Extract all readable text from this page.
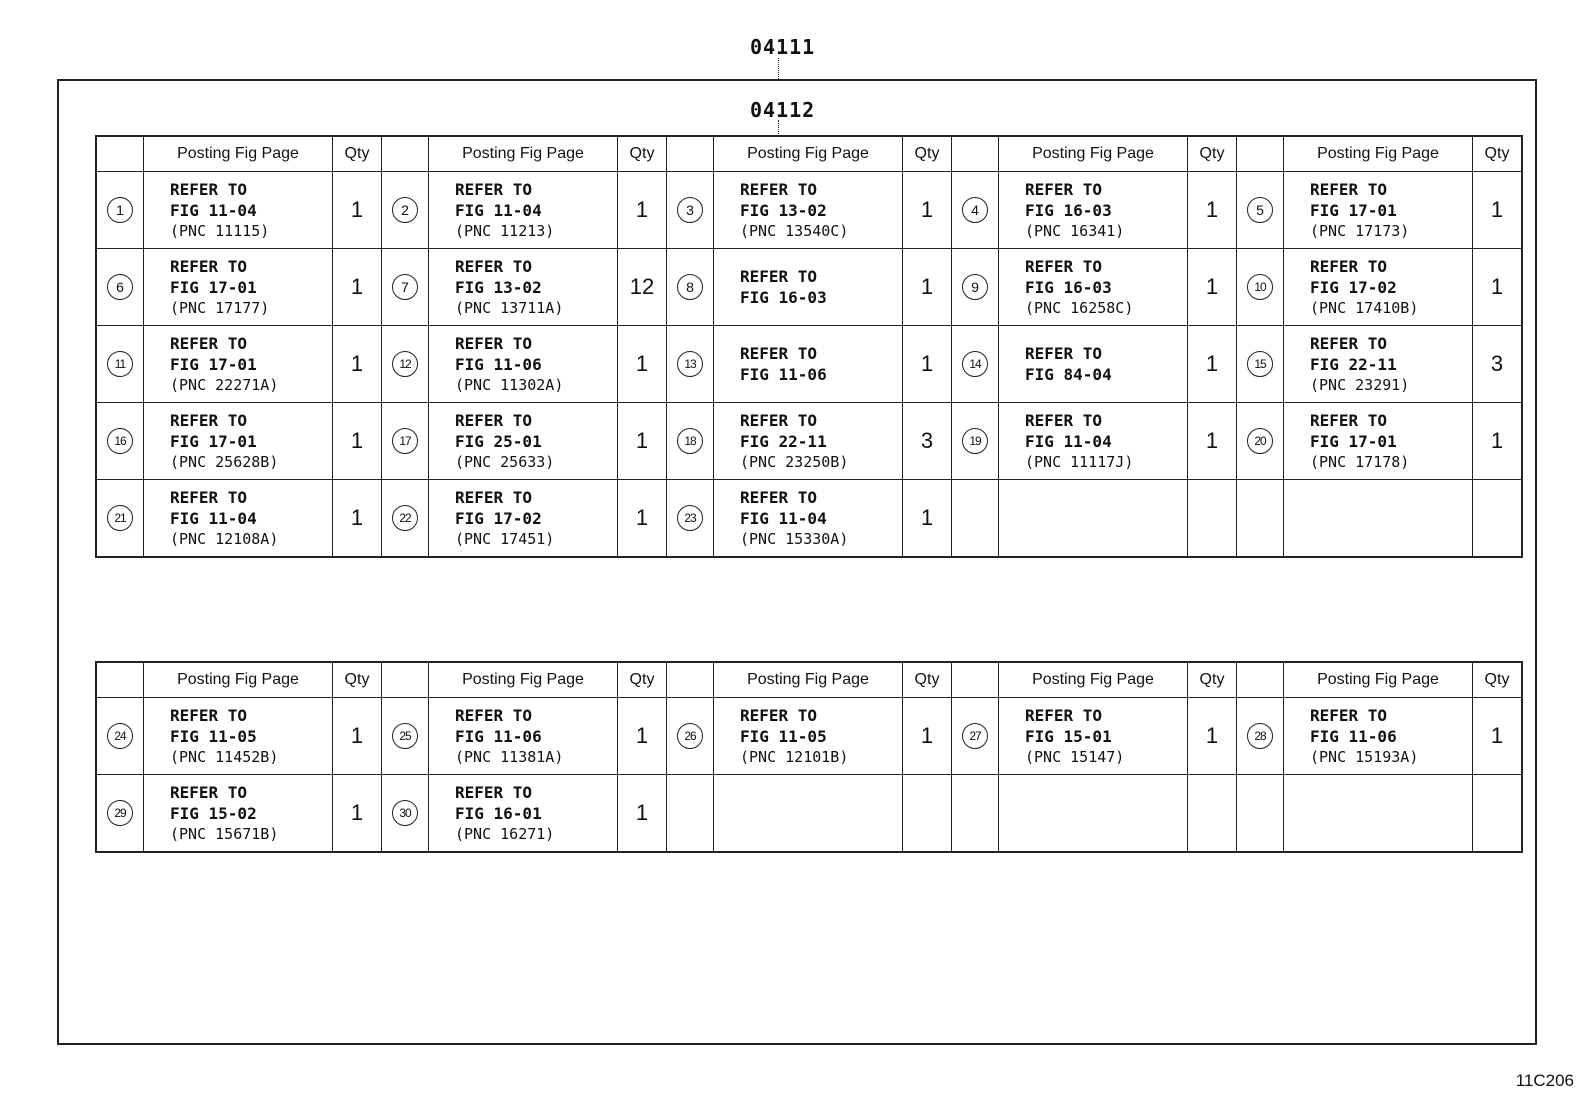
04111
04112
	Posting Fig Page	Qty		Posting Fig Page	Qty		Posting Fig Page	Qty		Posting Fig Page	Qty		Posting Fig Page	Qty
1	REFER TO
FIG 11-04
(PNC 11115)	1	2	REFER TO
FIG 11-04
(PNC 11213)	1	3	REFER TO
FIG 13-02
(PNC 13540C)	1	4	REFER TO
FIG 16-03
(PNC 16341)	1	5	REFER TO
FIG 17-01
(PNC 17173)	1
6	REFER TO
FIG 17-01
(PNC 17177)	1	7	REFER TO
FIG 13-02
(PNC 13711A)	12	8	REFER TO
FIG 16-03	1	9	REFER TO
FIG 16-03
(PNC 16258C)	1	10	REFER TO
FIG 17-02
(PNC 17410B)	1
11	REFER TO
FIG 17-01
(PNC 22271A)	1	12	REFER TO
FIG 11-06
(PNC 11302A)	1	13	REFER TO
FIG 11-06	1	14	REFER TO
FIG 84-04	1	15	REFER TO
FIG 22-11
(PNC 23291)	3
16	REFER TO
FIG 17-01
(PNC 25628B)	1	17	REFER TO
FIG 25-01
(PNC 25633)	1	18	REFER TO
FIG 22-11
(PNC 23250B)	3	19	REFER TO
FIG 11-04
(PNC 11117J)	1	20	REFER TO
FIG 17-01
(PNC 17178)	1
21	REFER TO
FIG 11-04
(PNC 12108A)	1	22	REFER TO
FIG 17-02
(PNC 17451)	1	23	REFER TO
FIG 11-04
(PNC 15330A)	1						
	Posting Fig Page	Qty		Posting Fig Page	Qty		Posting Fig Page	Qty		Posting Fig Page	Qty		Posting Fig Page	Qty
24	REFER TO
FIG 11-05
(PNC 11452B)	1	25	REFER TO
FIG 11-06
(PNC 11381A)	1	26	REFER TO
FIG 11-05
(PNC 12101B)	1	27	REFER TO
FIG 15-01
(PNC 15147)	1	28	REFER TO
FIG 11-06
(PNC 15193A)	1
29	REFER TO
FIG 15-02
(PNC 15671B)	1	30	REFER TO
FIG 16-01
(PNC 16271)	1									
11C206
